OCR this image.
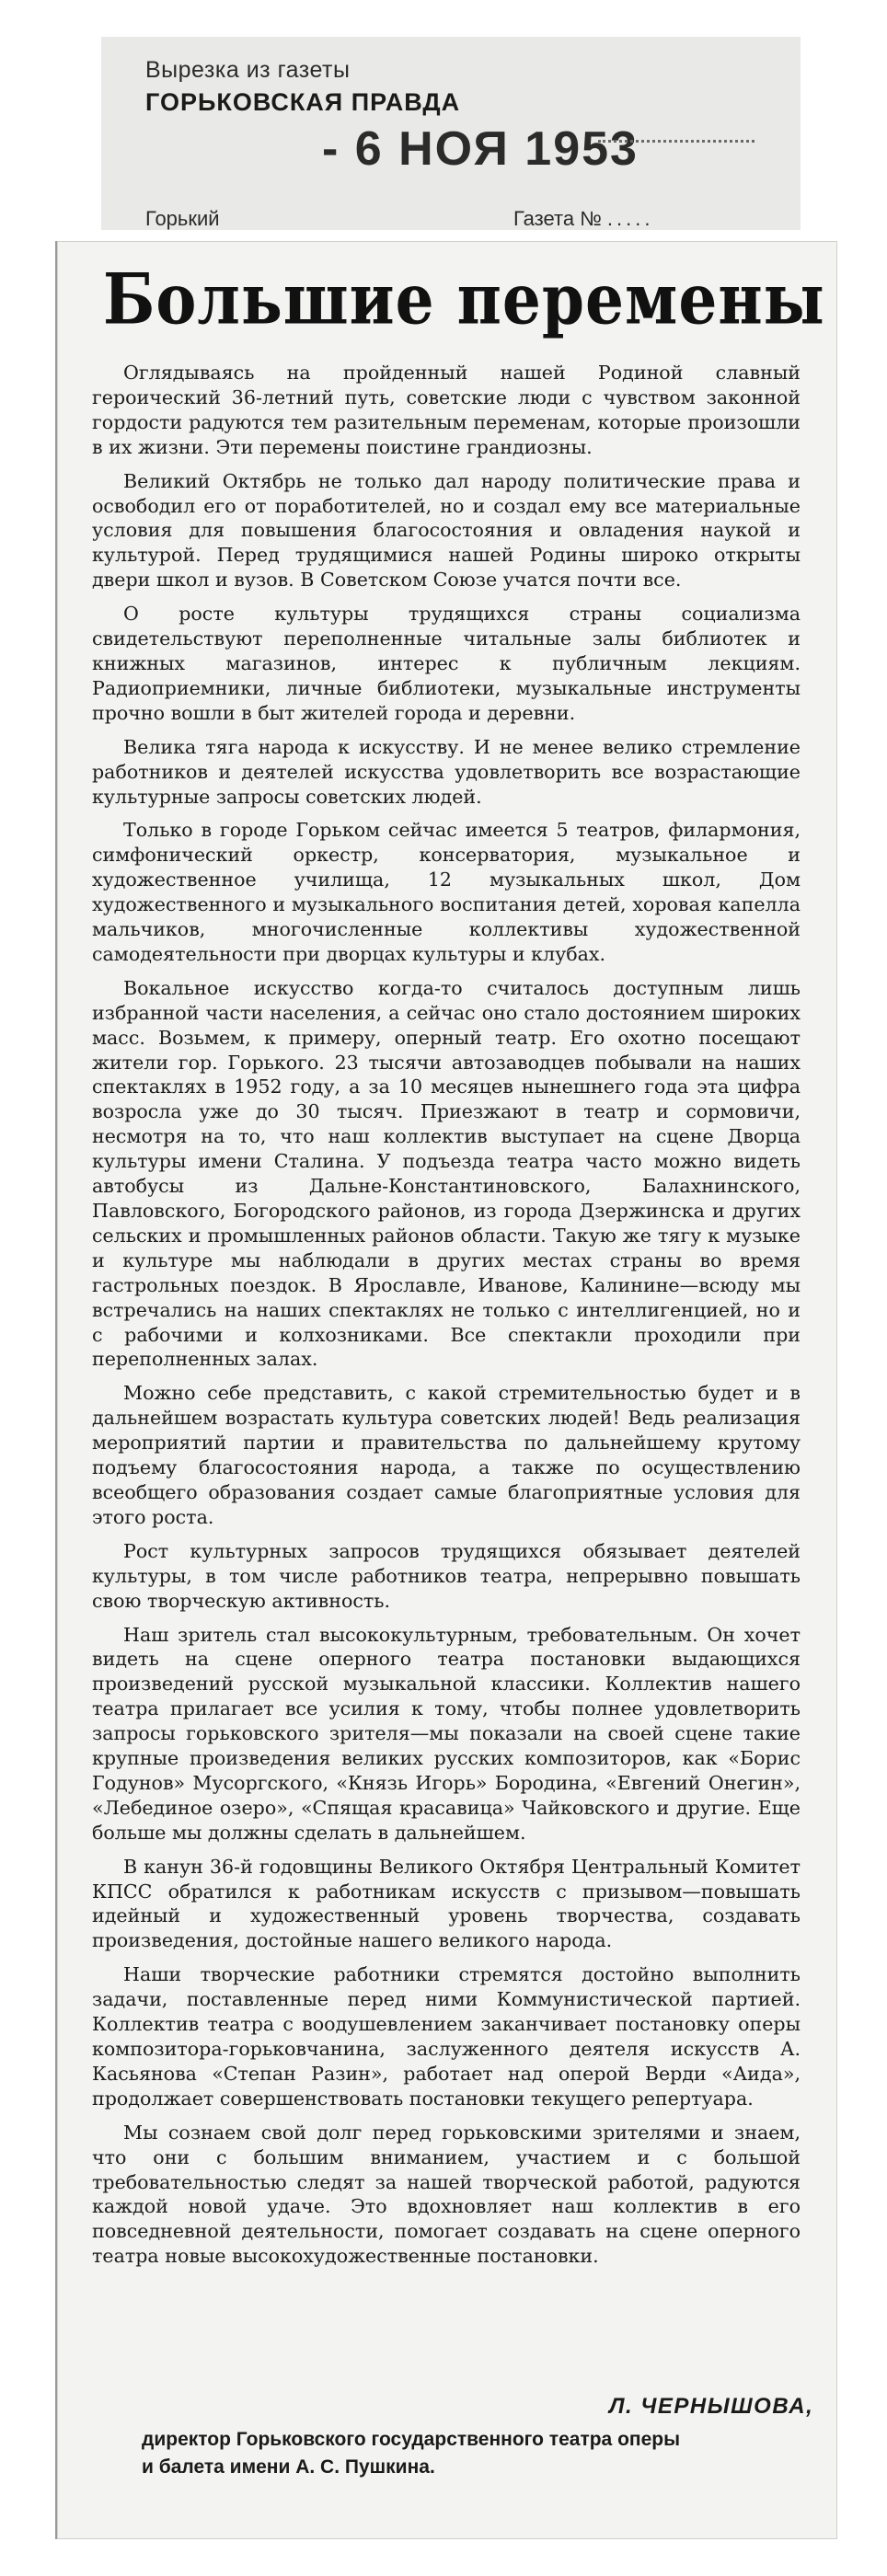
Вырезка из газеты
ГОРЬКОВСКАЯ ПРАВДА
- 6 НОЯ 1953
Горький	Газета № .....
Большие перемены

Оглядываясь на пройденный нашей Родиной славный героический 36-летний путь, советские люди с чувством законной гордости радуются тем разительным переменам, которые произошли в их жизни. Эти перемены поистине грандиозны.

Великий Октябрь не только дал народу политические права и освободил его от поработителей, но и создал ему все материальные условия для повышения благосостояния и овладения наукой и культурой. Перед трудящимися нашей Родины широко открыты двери школ и вузов. В Советском Союзе учатся почти все.

О росте культуры трудящихся страны социализма свидетельствуют переполненные читальные залы библиотек и книжных магазинов, интерес к публичным лекциям. Радиоприемники, личные библиотеки, музыкальные инструменты прочно вошли в быт жителей города и деревни.

Велика тяга народа к искусству. И не менее велико стремление работников и деятелей искусства удовлетворить все возрастающие культурные запросы советских людей.

Только в городе Горьком сейчас имеется 5 театров, филармония, симфонический оркестр, консерватория, музыкальное и художественное училища, 12 музыкальных школ, Дом художественного и музыкального воспитания детей, хоровая капелла мальчиков, многочисленные коллективы художественной самодеятельности при дворцах культуры и клубах.

Вокальное искусство когда-то считалось доступным лишь избранной части населения, а сейчас оно стало достоянием широких масс. Возьмем, к примеру, оперный театр. Его охотно посещают жители гор. Горького. 23 тысячи автозаводцев побывали на наших спектаклях в 1952 году, а за 10 месяцев нынешнего года эта цифра возросла уже до 30 тысяч. Приезжают в театр и сормовичи, несмотря на то, что наш коллектив выступает на сцене Дворца культуры имени Сталина. У подъезда театра часто можно видеть автобусы из Дальне-Константиновского, Балахнинского, Павловского, Богородского районов, из города Дзержинска и других сельских и промышленных районов области. Такую же тягу к музыке и культуре мы наблюдали в других местах страны во время гастрольных поездок. В Ярославле, Иванове, Калинине—всюду мы встречались на наших спектаклях не только с интеллигенцией, но и с рабочими и колхозниками. Все спектакли проходили при переполненных залах.

Можно себе представить, с какой стремительностью будет и в дальнейшем возрастать культура советских людей! Ведь реализация мероприятий партии и правительства по дальнейшему крутому подъему благосостояния народа, а также по осуществлению всеобщего образования создает самые благоприятные условия для этого роста.

Рост культурных запросов трудящихся обязывает деятелей культуры, в том числе работников театра, непрерывно повышать свою творческую активность.

Наш зритель стал высококультурным, требовательным. Он хочет видеть на сцене оперного театра постановки выдающихся произведений русской музыкальной классики. Коллектив нашего театра прилагает все усилия к тому, чтобы полнее удовлетворить запросы горьковского зрителя—мы показали на своей сцене такие крупные произведения великих русских композиторов, как «Борис Годунов» Мусоргского, «Князь Игорь» Бородина, «Евгений Онегин», «Лебединое озеро», «Спящая красавица» Чайковского и другие. Еще больше мы должны сделать в дальнейшем.

В канун 36-й годовщины Великого Октября Центральный Комитет КПСС обратился к работникам искусств с призывом—повышать идейный и художественный уровень творчества, создавать произведения, достойные нашего великого народа.

Наши творческие работники стремятся достойно выполнить задачи, поставленные перед ними Коммунистической партией. Коллектив театра с воодушевлением заканчивает постановку оперы композитора-горьковчанина, заслуженного деятеля искусств А. Касьянова «Степан Разин», работает над оперой Верди «Аида», продолжает совершенствовать постановки текущего репертуара.

Мы сознаем свой долг перед горьковскими зрителями и знаем, что они с большим вниманием, участием и с большой требовательностью следят за нашей творческой работой, радуются каждой новой удаче. Это вдохновляет наш коллектив в его повседневной деятельности, помогает создавать на сцене оперного театра новые высокохудожественные постановки.

Л. ЧЕРНЫШОВА,
директор Горьковского государственного театра оперы
и балета имени А. С. Пушкина.
